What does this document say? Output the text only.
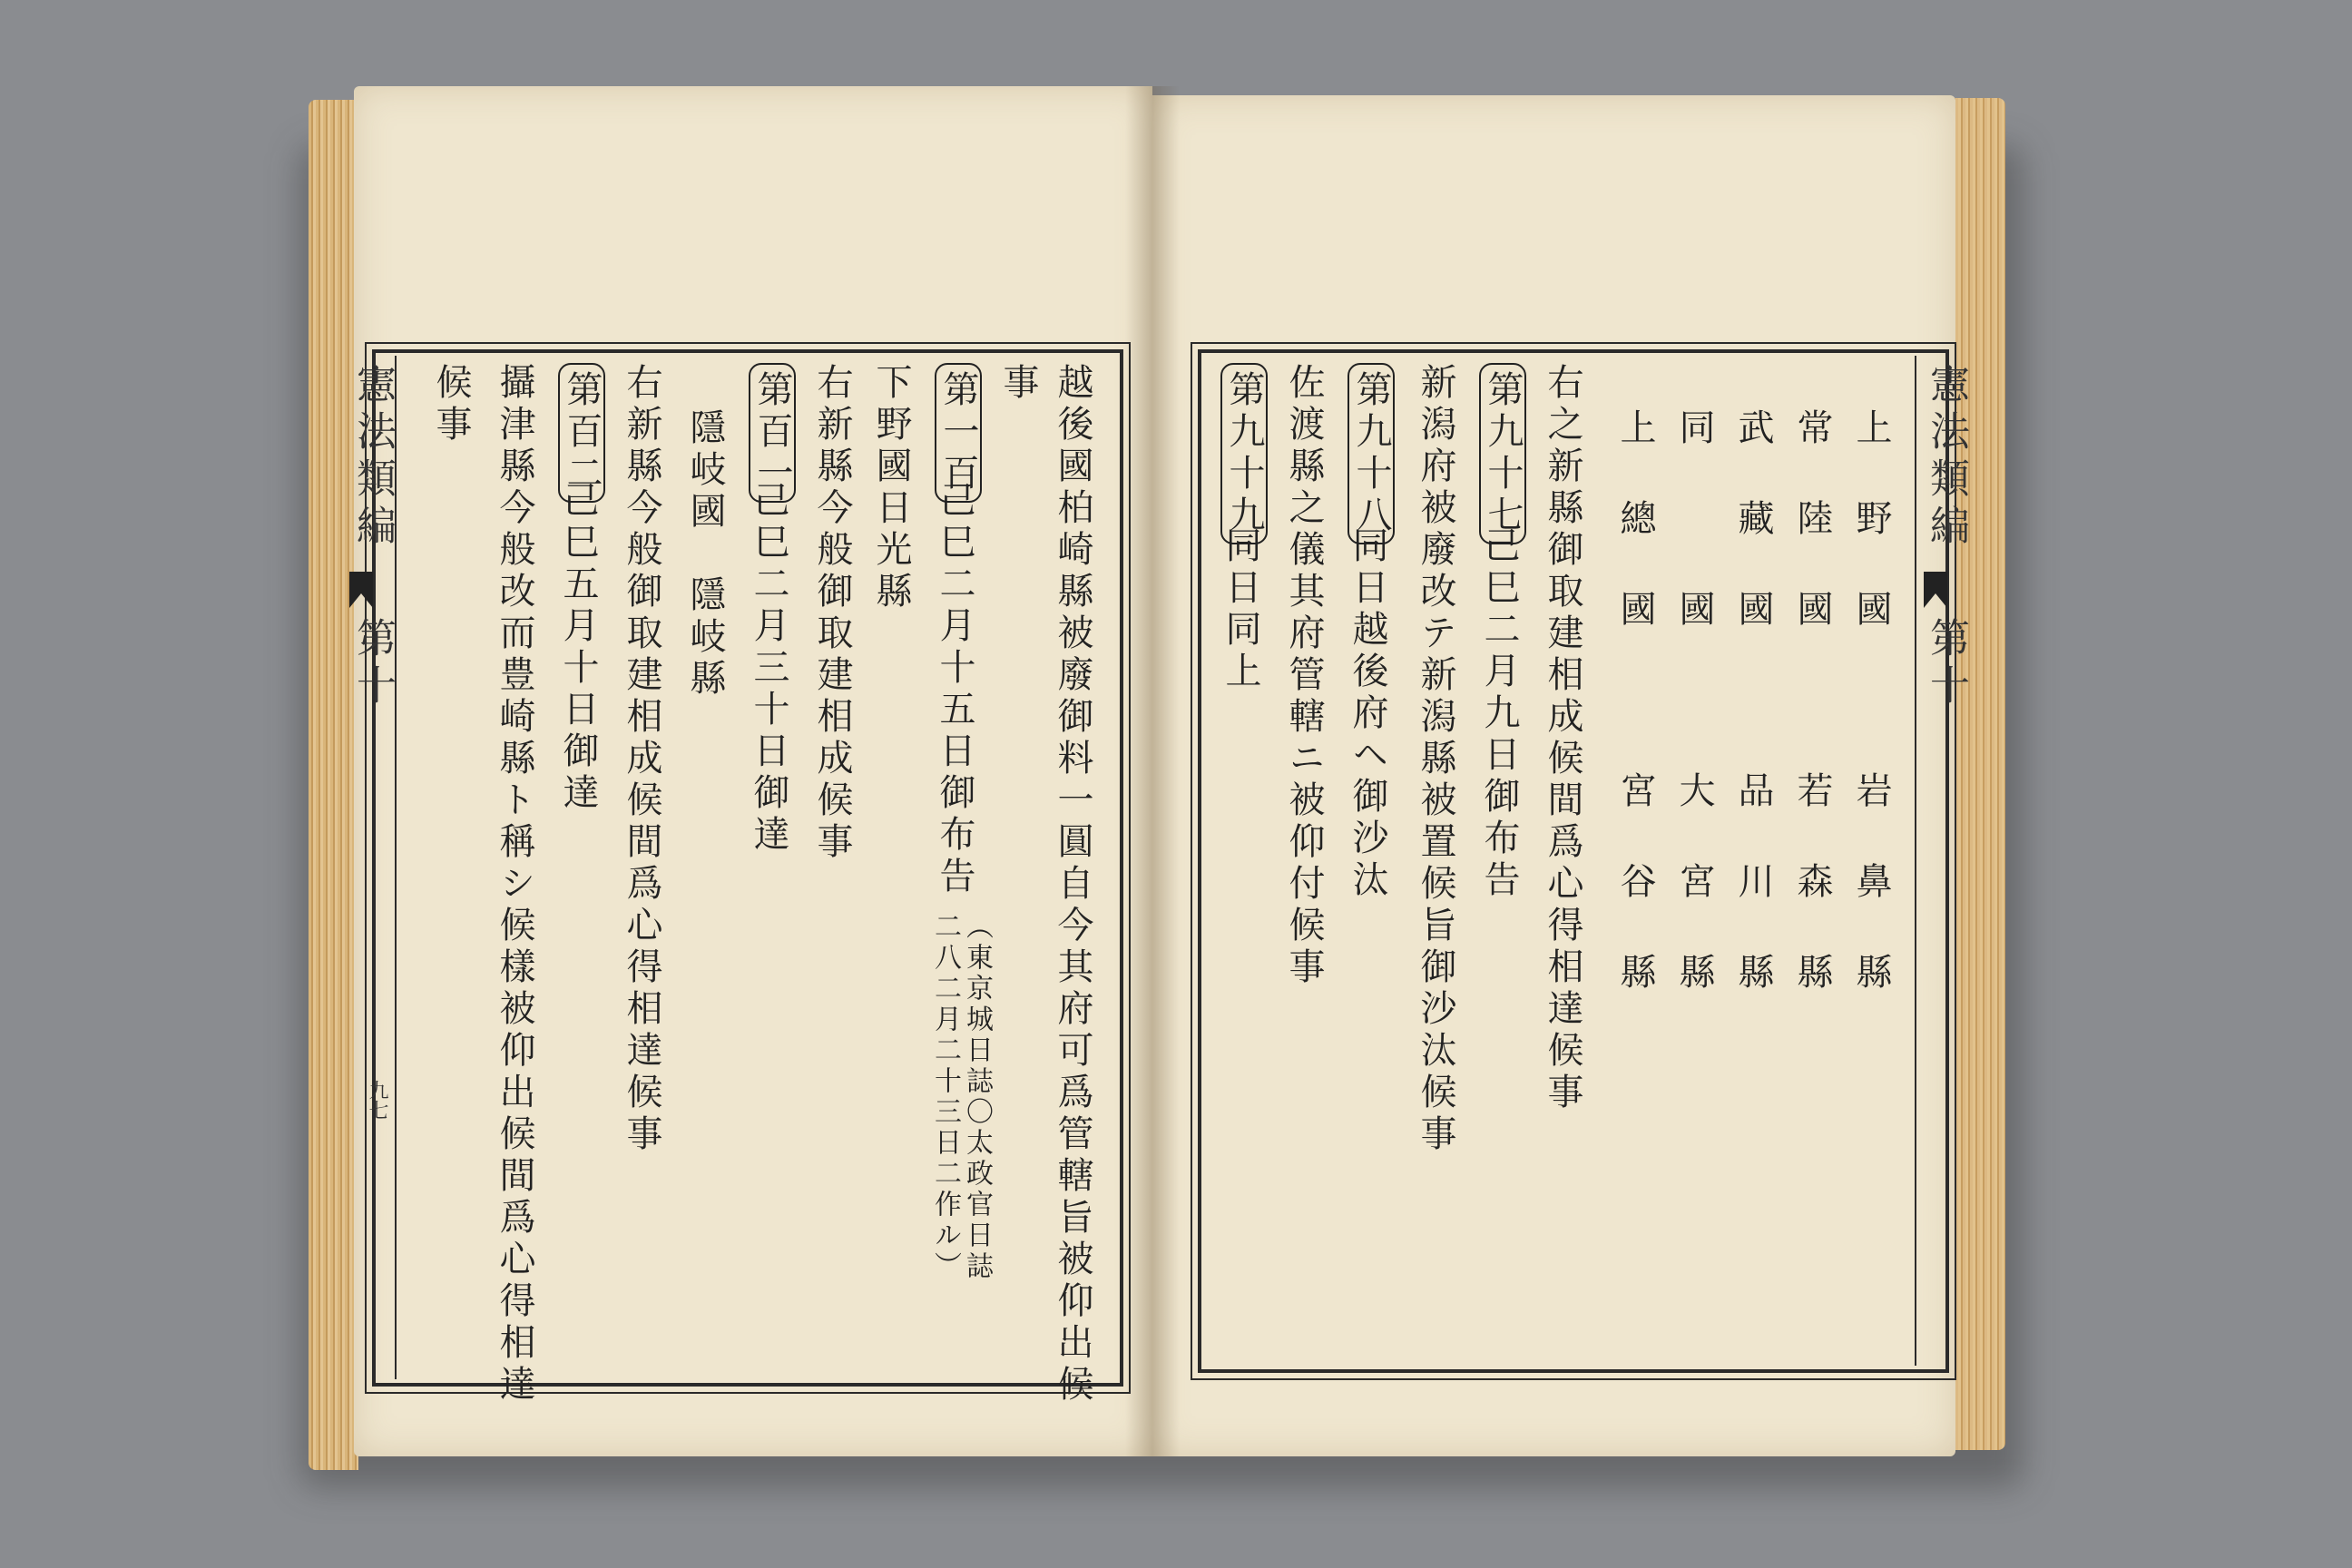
憲法類編
第十
九七	越後國柏崎縣被廢御料一圓自今其府可爲管轄旨被仰出候
事
第一百
己巳二月十五日御布告
（東京城日誌〇太政官日誌
二八二月二十三日二作ル）
下野國日光縣
右新縣今般御取建相成候事
第百一
己巳二月三十日御達
隱岐國　隱岐縣
右新縣今般御取建相成候間爲心得相達候事
第百二
己巳五月十日御達
攝津縣今般改而豊崎縣ト稱シ候樣被仰出候間爲心得相達
候事	憲法類編
第十
上野國　岩鼻縣
常陸國　若森縣
武藏國　品川縣
同　國　大宮縣
上總國　宮谷縣
右之新縣御取建相成候間爲心得相達候事
第九十七
己巳二月九日御布告
新潟府被廢改テ新潟縣被置候旨御沙汰候事
第九十八
同日越後府ヘ御沙汰
佐渡縣之儀其府管轄ニ被仰付候事
第九十九
同日同上
